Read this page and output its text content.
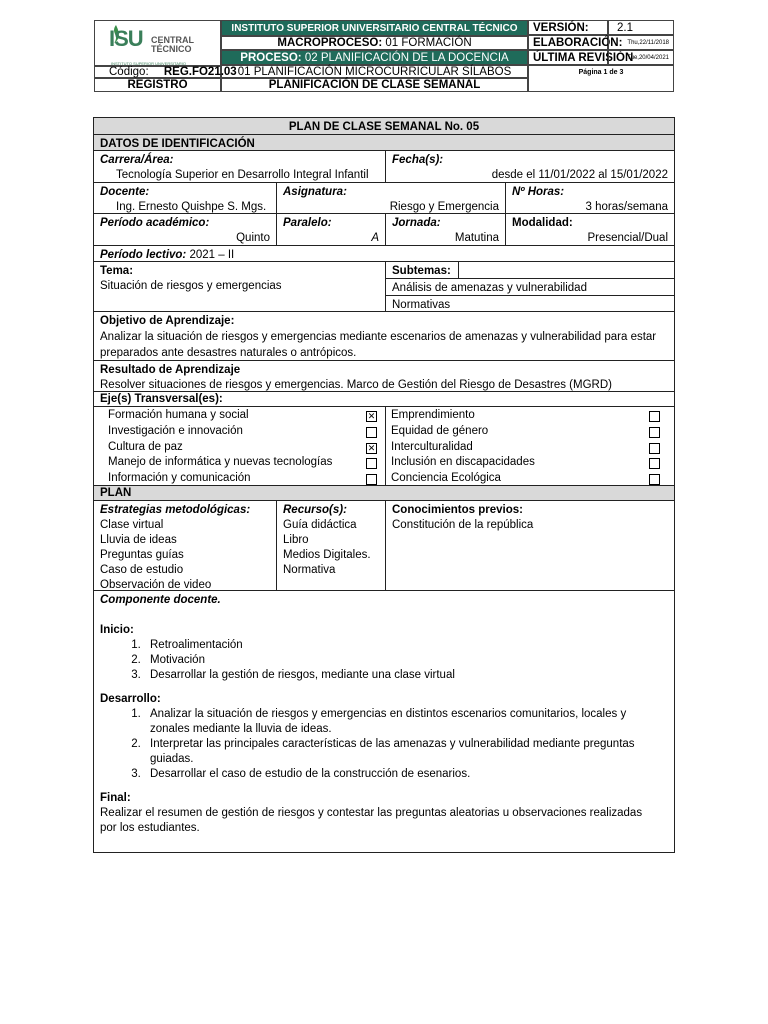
ISU CENTRAL
TÉCNICO
INSTITUTO SUPERIOR UNIVERSITARIO
INSTITUTO SUPERIOR UNIVERSITARIO CENTRAL TÉCNICO
MACROPROCESO: 01 FORMACIÓN
PROCESO: 02 PLANIFICACIÓN DE LA DOCENCIA
01 PLANIFICACIÓN MICROCURRICULAR SÍLABOS
PLANIFICACIÓN DE CLASE SEMANAL
VERSIÓN:	2.1
ELABORACIÓN: Thu,22/11/2018
ÚLTIMA REVISIÓN
Tue,20/04/2021
Página 1 de 3
Código: REG.FO21.03
REGISTRO
PLAN DE CLASE SEMANAL No. 05
DATOS DE IDENTIFICACIÓN
Carrera/Área:
Tecnología Superior en Desarrollo Integral Infantil
Fecha(s):
desde el 11/01/2022 al 15/01/2022
Docente:
Ing. Ernesto Quishpe S. Mgs.
Asignatura:
Riesgo y Emergencia
Nº Horas:
3 horas/semana
Período académico:
Quinto
Paralelo:
A
Jornada:
Matutina
Modalidad:
Presencial/Dual
Período lectivo: 2021 – II
Tema:
Situación de riesgos y emergencias
Subtemas:
Análisis de amenazas y vulnerabilidad
Normativas
Objetivo de Aprendizaje:
Analizar la situación de riesgos y emergencias mediante escenarios de amenazas y vulnerabilidad para estar preparados ante desastres naturales o antrópicos.
Resultado de Aprendizaje
Resolver situaciones de riesgos y emergencias. Marco de Gestión del Riesgo de Desastres (MGRD)
Eje(s) Transversal(es):
Formación humana y social	✕
Investigación e innovación
Cultura de paz	✕
Manejo de informática y nuevas tecnologías
Información y comunicación
Emprendimiento
Equidad de género
Interculturalidad
Inclusión en discapacidades
Conciencia Ecológica
PLAN
Estrategias metodológicas:
Clase virtual
Lluvia de ideas
Preguntas guías
Caso de estudio
Observación de video
Recurso(s):
Guía didáctica
Libro
Medios Digitales.
Normativa
Conocimientos previos:
Constitución de la república
Componente docente.
Inicio:
1. Retroalimentación
2. Motivación
3. Desarrollar la gestión de riesgos, mediante una clase virtual
Desarrollo:
1. Analizar la situación de riesgos y emergencias en distintos escenarios comunitarios, locales y zonales mediante la lluvia de ideas.
2. Interpretar las principales características de las amenazas y vulnerabilidad mediante preguntas guiadas.
3. Desarrollar el caso de estudio de la construcción de esenarios.
Final:
Realizar el resumen de gestión de riesgos y contestar las preguntas aleatorias u observaciones realizadas por los estudiantes.
